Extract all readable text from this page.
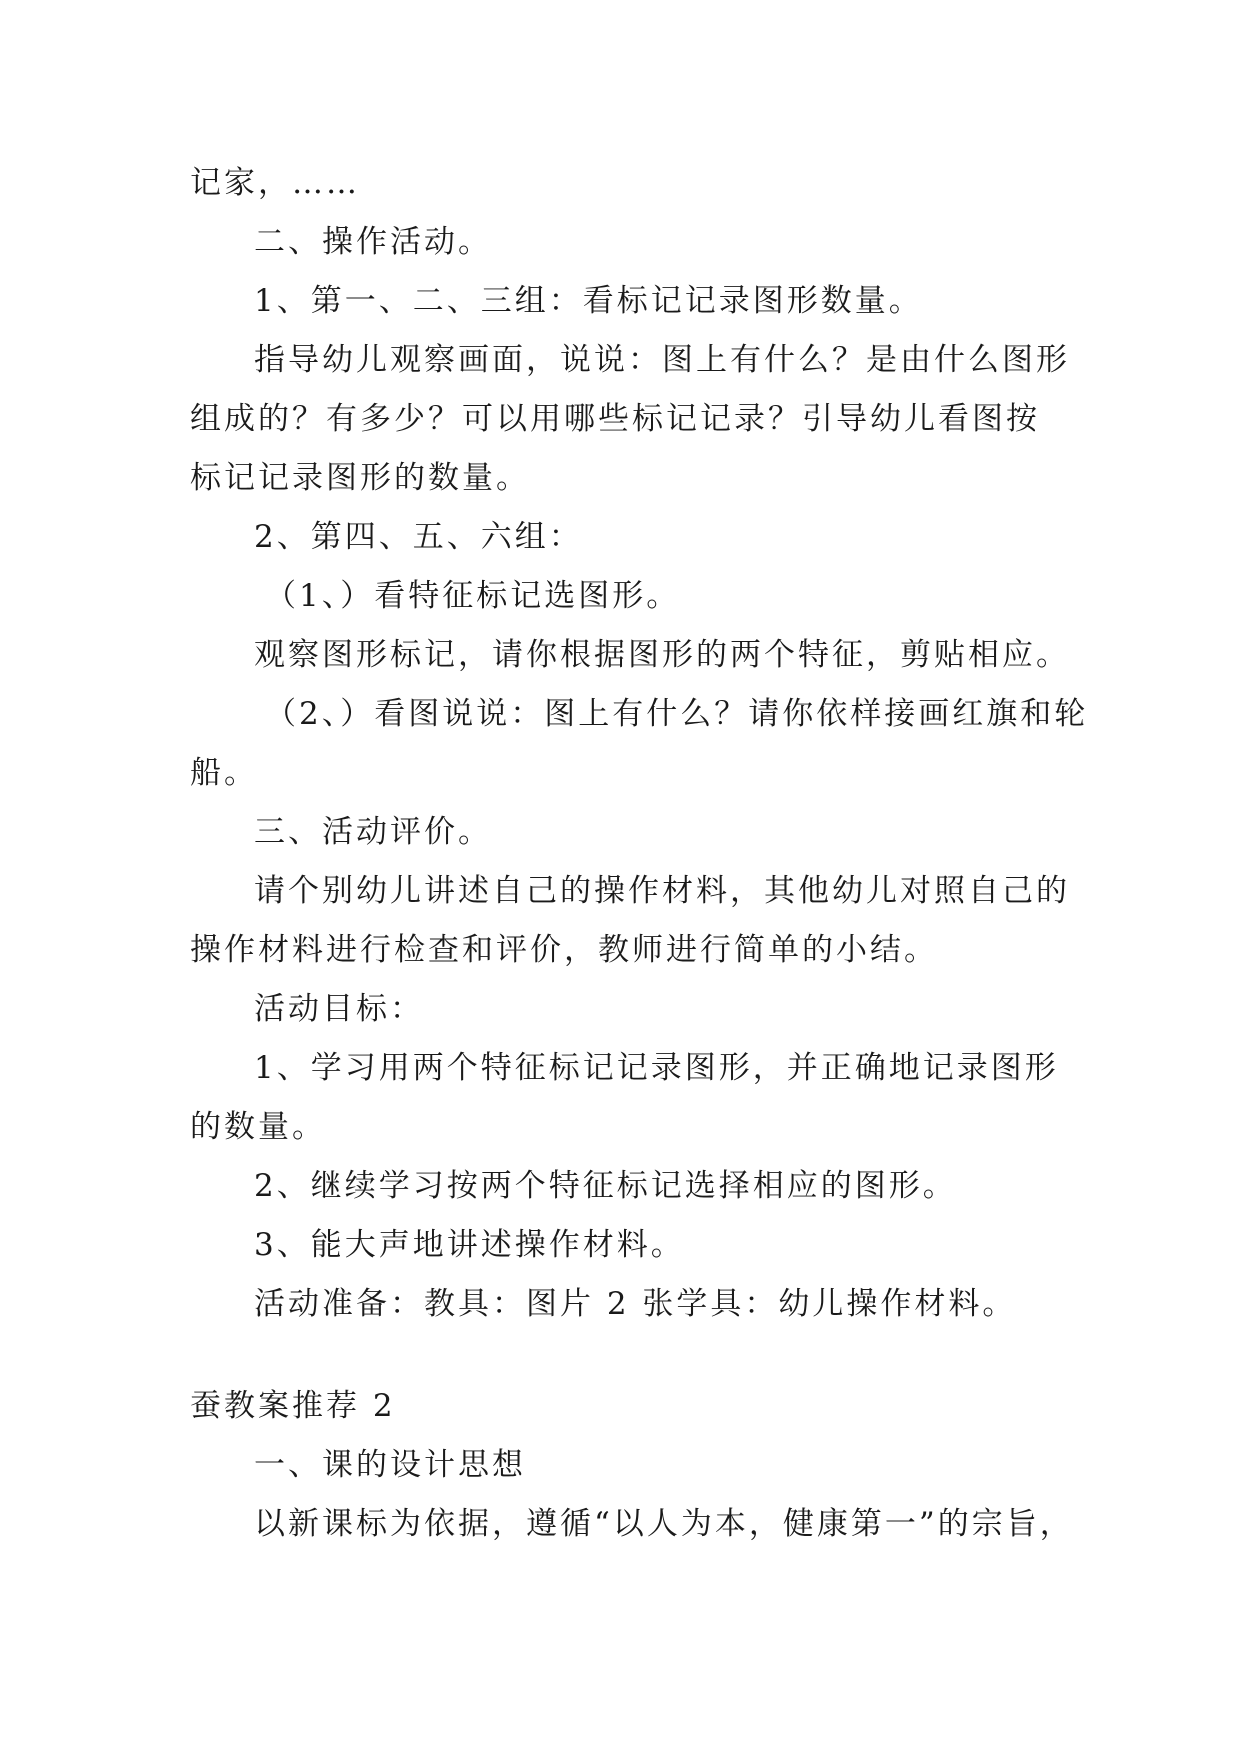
记家，……
二、操作活动。
1、第一、二、三组：看标记记录图形数量。
指导幼儿观察画面，说说：图上有什么？是由什么图形
组成的？有多少？可以用哪些标记记录？引导幼儿看图按
标记记录图形的数量。
2、第四、五、六组：
（1、）看特征标记选图形。
观察图形标记，请你根据图形的两个特征，剪贴相应。
（2、）看图说说：图上有什么？请你依样接画红旗和轮
船。
三、活动评价。
请个别幼儿讲述自己的操作材料，其他幼儿对照自己的
操作材料进行检查和评价，教师进行简单的小结。
活动目标：
1、学习用两个特征标记记录图形，并正确地记录图形
的数量。
2、继续学习按两个特征标记选择相应的图形。
3、能大声地讲述操作材料。
活动准备：教具：图片 2 张学具：幼儿操作材料。
蚕教案推荐 2
一、课的设计思想
以新课标为依据，遵循“以人为本，健康第一”的宗旨，
